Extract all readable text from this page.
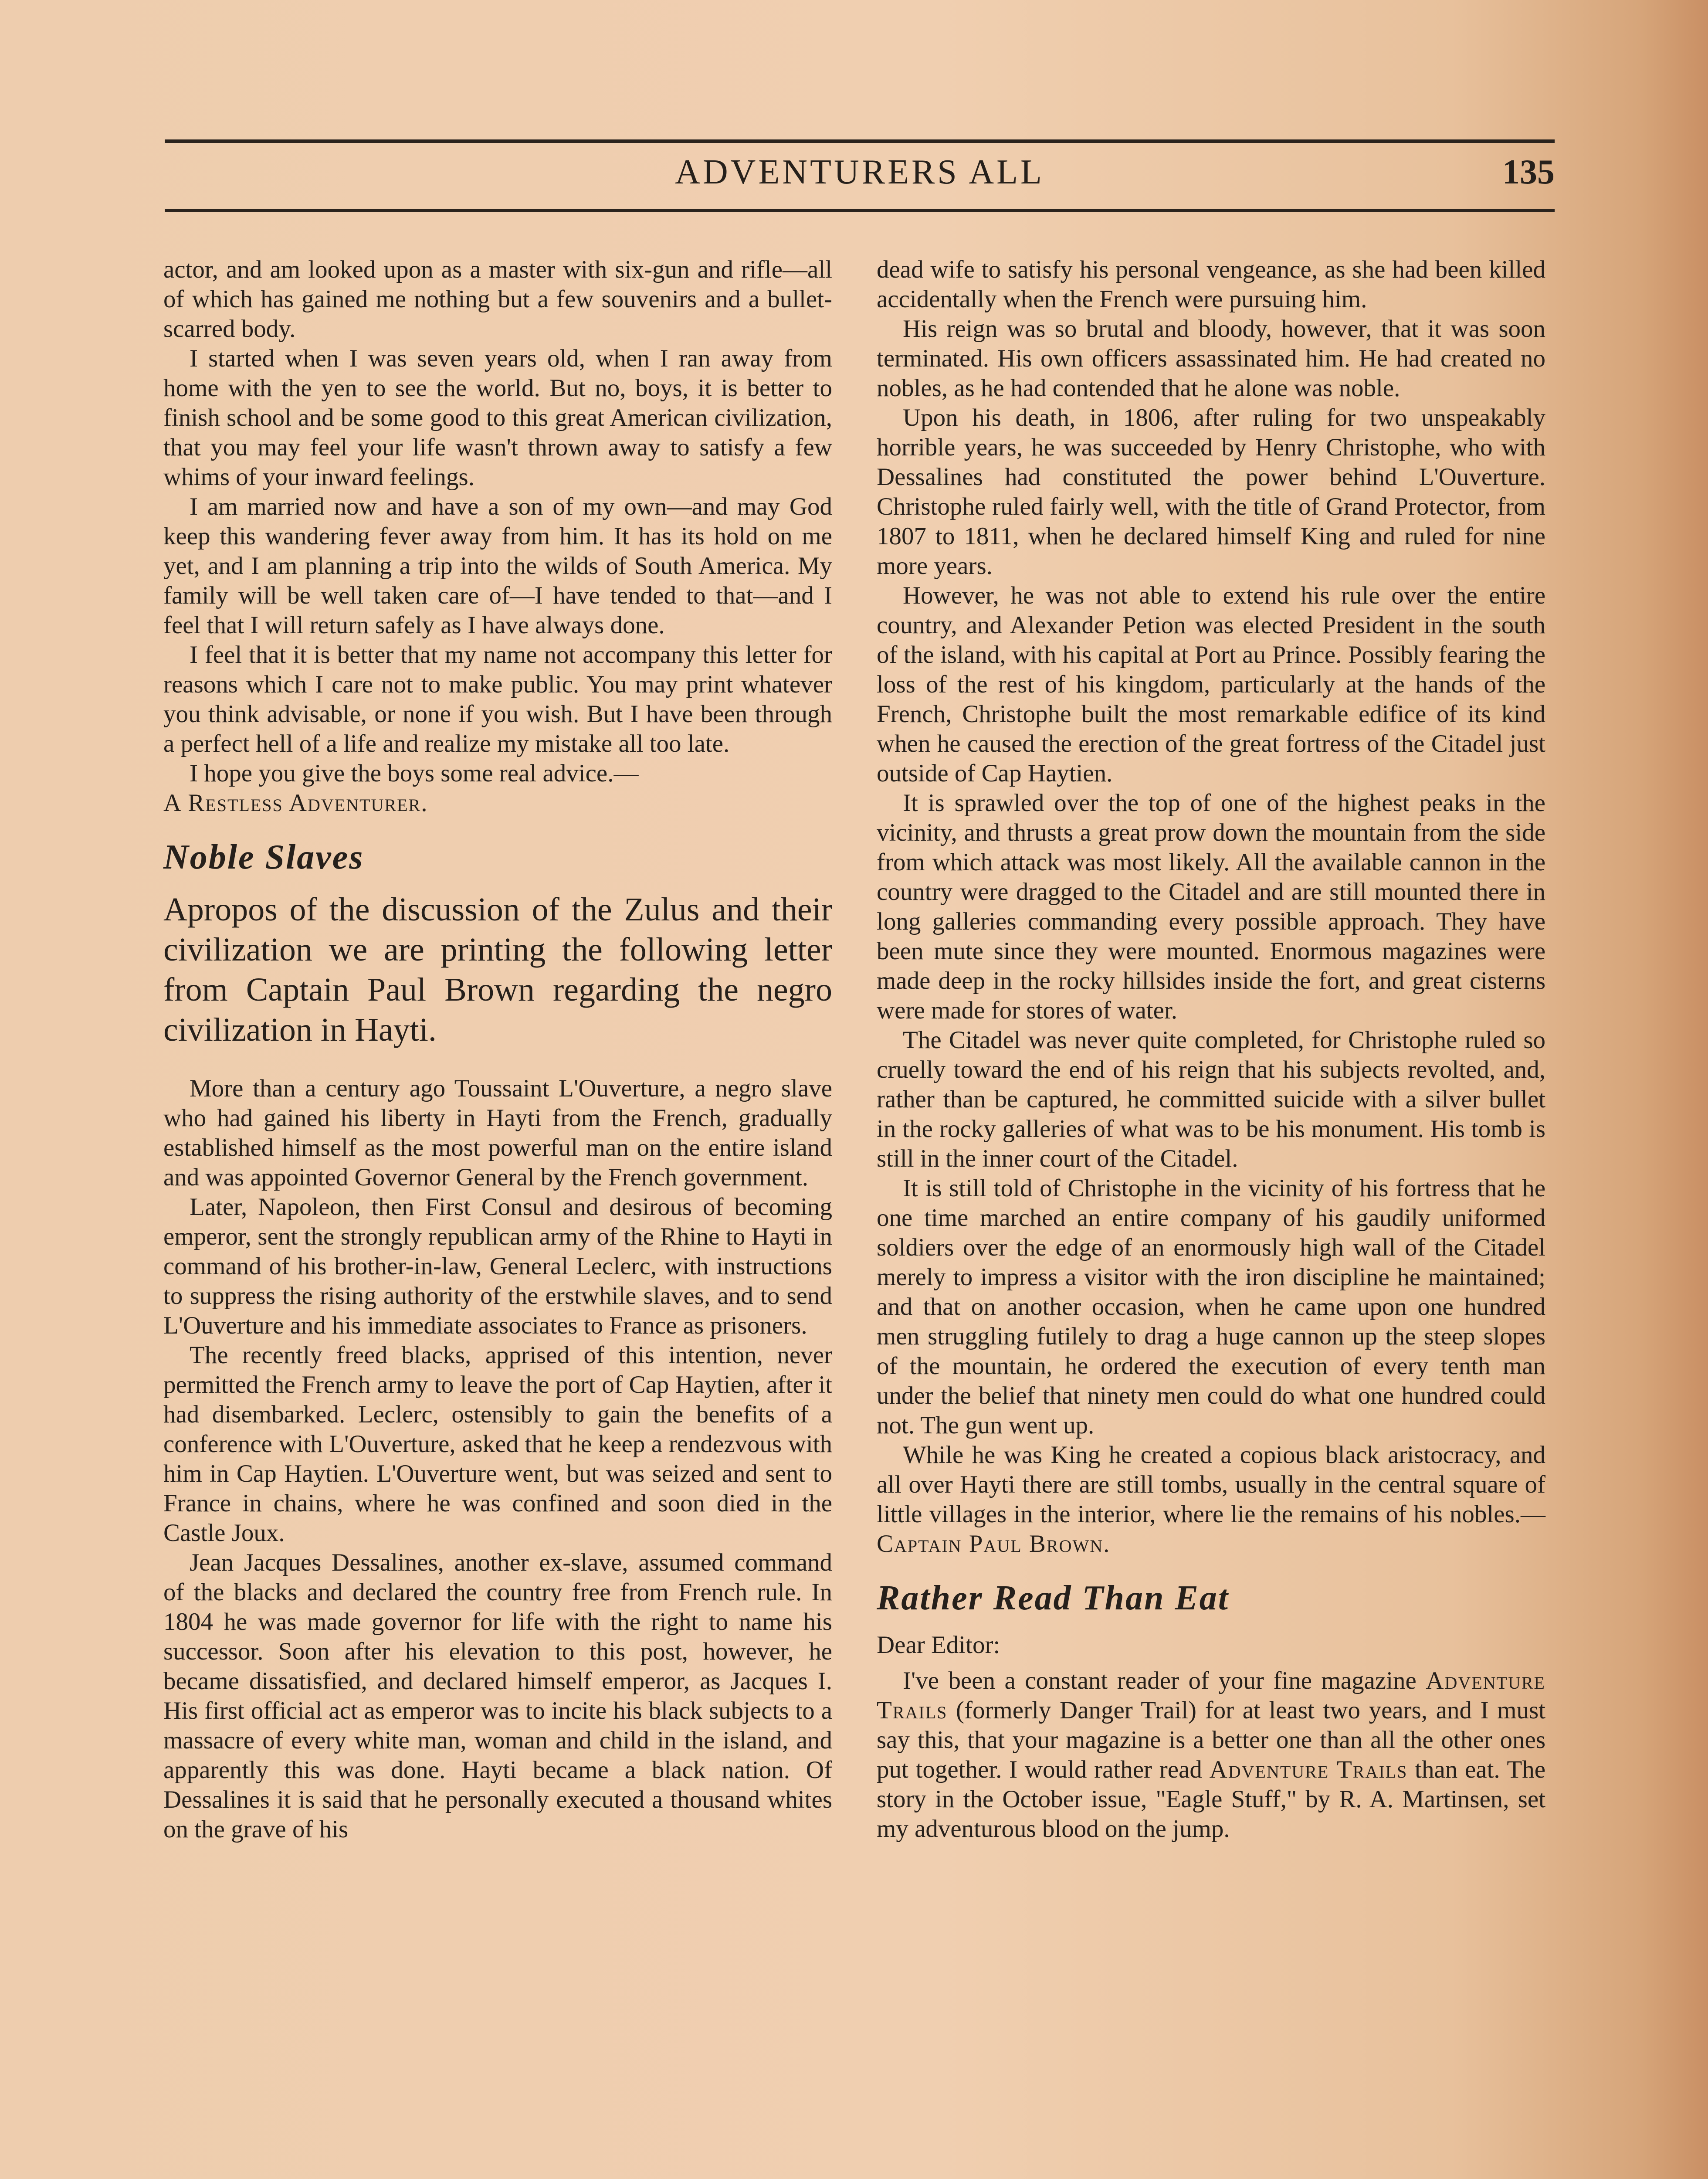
ADVENTURERS ALL	135

actor, and am looked upon as a master with six-gun and rifle—all of which has gained me nothing but a few souvenirs and a bullet-scarred body.

I started when I was seven years old, when I ran away from home with the yen to see the world. But no, boys, it is better to finish school and be some good to this great American civilization, that you may feel your life wasn't thrown away to satisfy a few whims of your inward feelings.

I am married now and have a son of my own—and may God keep this wandering fever away from him. It has its hold on me yet, and I am planning a trip into the wilds of South America. My family will be well taken care of—I have tended to that—and I feel that I will return safely as I have always done.

I feel that it is better that my name not accompany this letter for reasons which I care not to make public. You may print whatever you think advisable, or none if you wish. But I have been through a perfect hell of a life and realize my mistake all too late.

I hope you give the boys some real advice.—

A Restless Adventurer.

Noble Slaves

Apropos of the discussion of the Zulus and their civilization we are printing the following letter from Captain Paul Brown regarding the negro civilization in Hayti.

More than a century ago Toussaint L'Ouverture, a negro slave who had gained his liberty in Hayti from the French, gradually established himself as the most powerful man on the entire island and was appointed Governor General by the French government.

Later, Napoleon, then First Consul and desirous of becoming emperor, sent the strongly republican army of the Rhine to Hayti in command of his brother-in-law, General Leclerc, with instructions to suppress the rising authority of the erstwhile slaves, and to send L'Ouverture and his immediate associates to France as prisoners.

The recently freed blacks, apprised of this intention, never permitted the French army to leave the port of Cap Haytien, after it had disembarked. Leclerc, ostensibly to gain the benefits of a conference with L'Ouverture, asked that he keep a rendezvous with him in Cap Haytien. L'Ouverture went, but was seized and sent to France in chains, where he was confined and soon died in the Castle Joux.

Jean Jacques Dessalines, another ex-slave, assumed command of the blacks and declared the country free from French rule. In 1804 he was made governor for life with the right to name his successor. Soon after his elevation to this post, however, he became dissatisfied, and declared himself emperor, as Jacques I. His first official act as emperor was to incite his black subjects to a massacre of every white man, woman and child in the island, and apparently this was done. Hayti became a black nation. Of Dessalines it is said that he personally executed a thousand whites on the grave of his

dead wife to satisfy his personal vengeance, as she had been killed accidentally when the French were pursuing him.

His reign was so brutal and bloody, however, that it was soon terminated. His own officers assassinated him. He had created no nobles, as he had contended that he alone was noble.

Upon his death, in 1806, after ruling for two unspeakably horrible years, he was succeeded by Henry Christophe, who with Dessalines had constituted the power behind L'Ouverture. Christophe ruled fairly well, with the title of Grand Protector, from 1807 to 1811, when he declared himself King and ruled for nine more years.

However, he was not able to extend his rule over the entire country, and Alexander Petion was elected President in the south of the island, with his capital at Port au Prince. Possibly fearing the loss of the rest of his kingdom, particularly at the hands of the French, Christophe built the most remarkable edifice of its kind when he caused the erection of the great fortress of the Citadel just outside of Cap Haytien.

It is sprawled over the top of one of the highest peaks in the vicinity, and thrusts a great prow down the mountain from the side from which attack was most likely. All the available cannon in the country were dragged to the Citadel and are still mounted there in long galleries commanding every possible approach. They have been mute since they were mounted. Enormous magazines were made deep in the rocky hillsides inside the fort, and great cisterns were made for stores of water.

The Citadel was never quite completed, for Christophe ruled so cruelly toward the end of his reign that his subjects revolted, and, rather than be captured, he committed suicide with a silver bullet in the rocky galleries of what was to be his monument. His tomb is still in the inner court of the Citadel.

It is still told of Christophe in the vicinity of his fortress that he one time marched an entire company of his gaudily uniformed soldiers over the edge of an enormously high wall of the Citadel merely to impress a visitor with the iron discipline he maintained; and that on another occasion, when he came upon one hundred men struggling futilely to drag a huge cannon up the steep slopes of the mountain, he ordered the execution of every tenth man under the belief that ninety men could do what one hundred could not. The gun went up.

While he was King he created a copious black aristocracy, and all over Hayti there are still tombs, usually in the central square of little villages in the interior, where lie the remains of his nobles.—Captain Paul Brown.

Rather Read Than Eat

Dear Editor:

I've been a constant reader of your fine magazine Adventure Trails (formerly Danger Trail) for at least two years, and I must say this, that your magazine is a better one than all the other ones put together. I would rather read Adventure Trails than eat. The story in the October issue, "Eagle Stuff," by R. A. Martinsen, set my adventurous blood on the jump.
